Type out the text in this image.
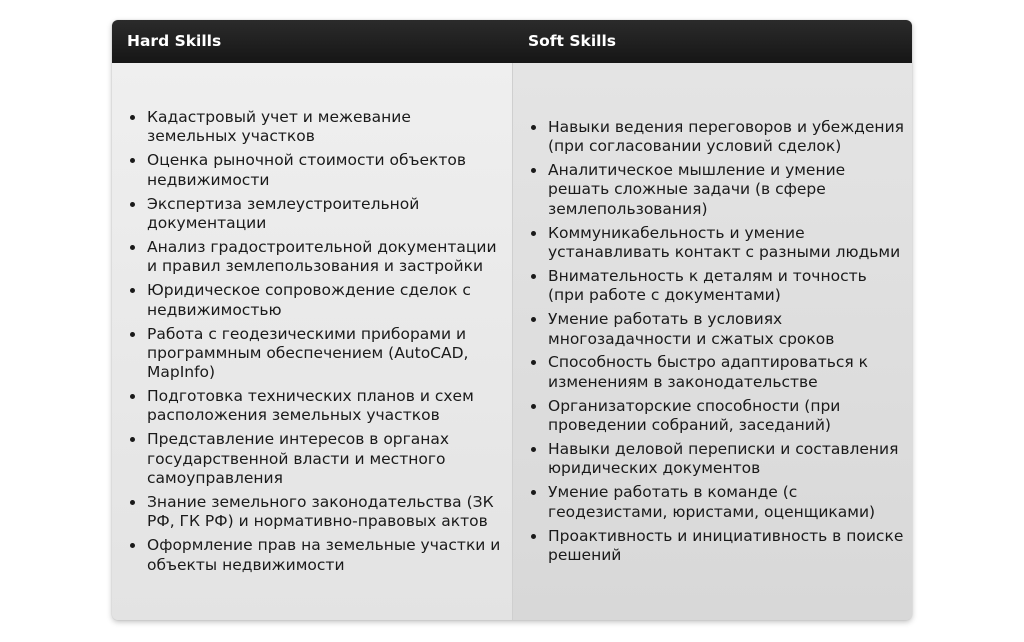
Hard Skills	Soft Skills
Кадастровый учет и межевание земельных участков
Оценка рыночной стоимости объектов недвижимости
Экспертиза землеустроительной документации
Анализ градостроительной документации и правил землепользования и застройки
Юридическое сопровождение сделок с недвижимостью
Работа с геодезическими приборами и программным обеспечением (AutoCAD, MapInfo)
Подготовка технических планов и схем расположения земельных участков
Представление интересов в органах государственной власти и местного самоуправления
Знание земельного законодательства (ЗК РФ, ГК РФ) и нормативно-правовых актов
Оформление прав на земельные участки и объекты недвижимости
Навыки ведения переговоров и убеждения (при согласовании условий сделок)
Аналитическое мышление и умение решать сложные задачи (в сфере землепользования)
Коммуникабельность и умение устанавливать контакт с разными людьми
Внимательность к деталям и точность (при работе с документами)
Умение работать в условиях многозадачности и сжатых сроков
Способность быстро адаптироваться к изменениям в законодательстве
Организаторские способности (при проведении собраний, заседаний)
Навыки деловой переписки и составления юридических документов
Умение работать в команде (с геодезистами, юристами, оценщиками)
Проактивность и инициативность в поиске решений
